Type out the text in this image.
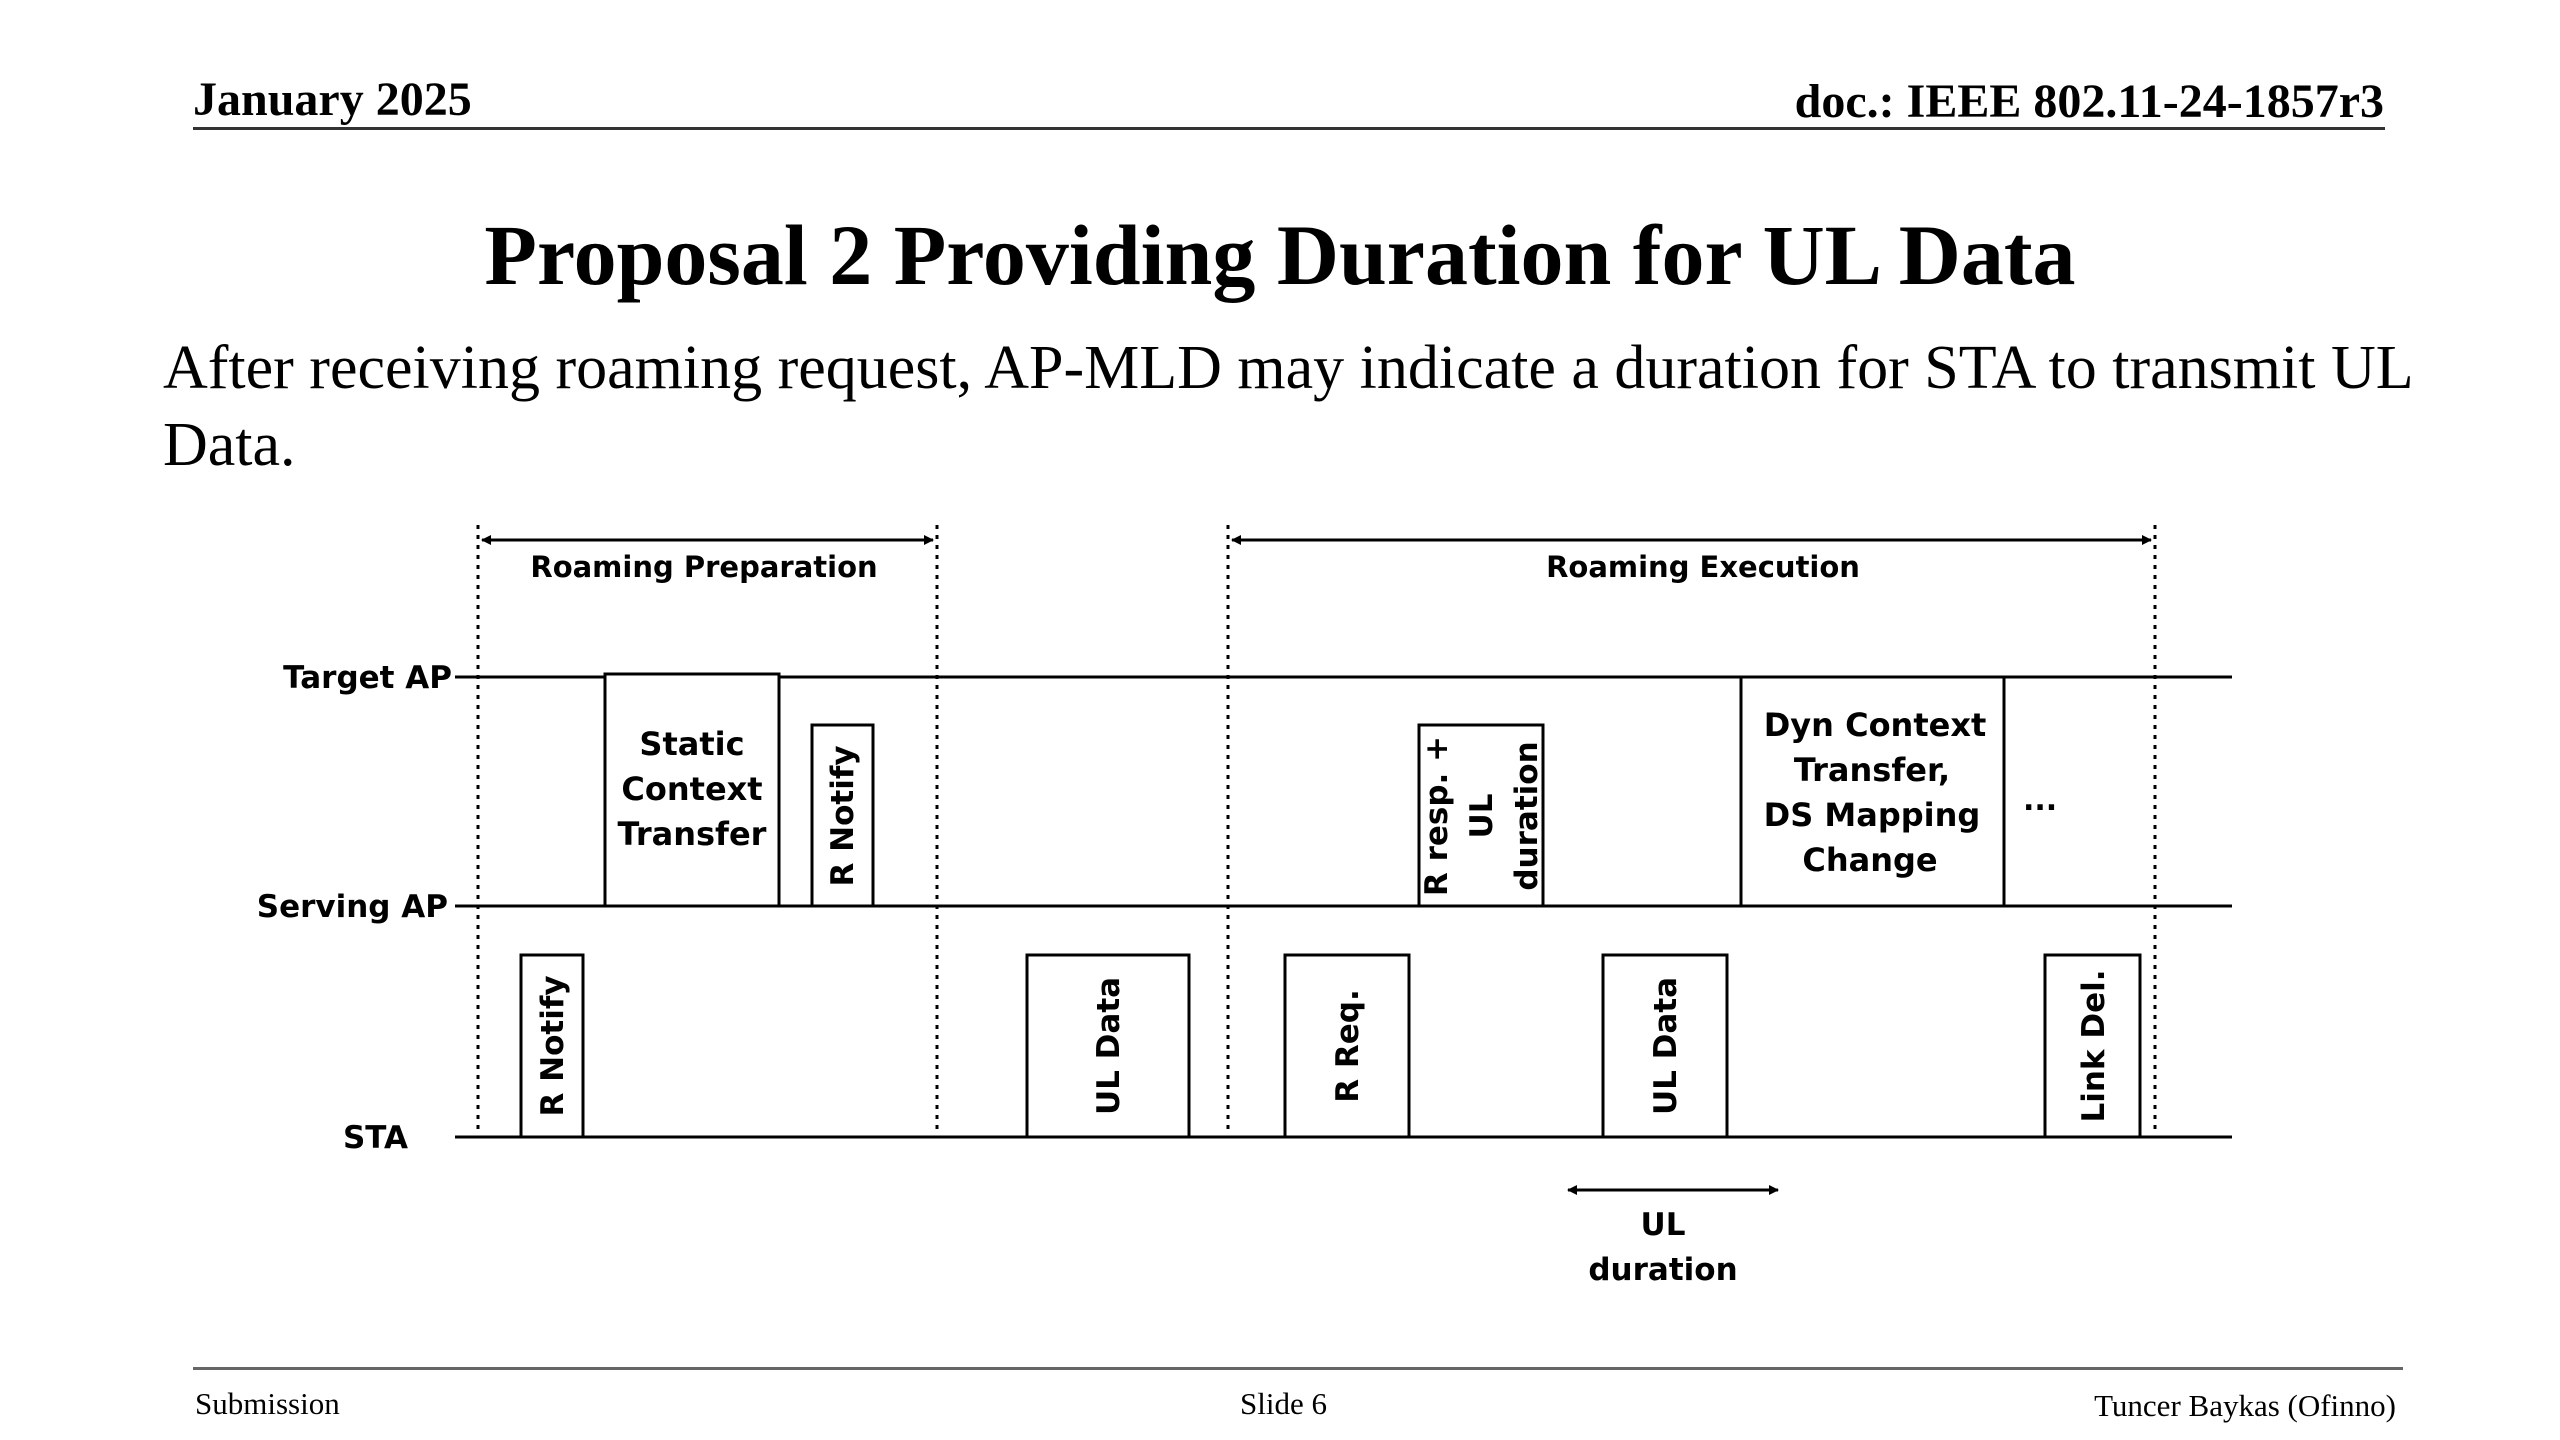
January 2025	doc.: IEEE 802.11-24-1857r3
Proposal 2 Providing Duration for UL Data
After receiving roaming request, AP-MLD may indicate a duration for STA to transmit UL Data.
Roaming Preparation	Roaming Execution
Target AP
Serving AP
STA
Static
Context
Transfer R Notify	R resp. + UL duration
R Notify	UL Data	R Req.	UL Data	Link Del.
Dyn Context
Transfer,
DS Mapping
Change
...
UL
duration
Submission	Slide 6	Tuncer Baykas (Ofinno)
